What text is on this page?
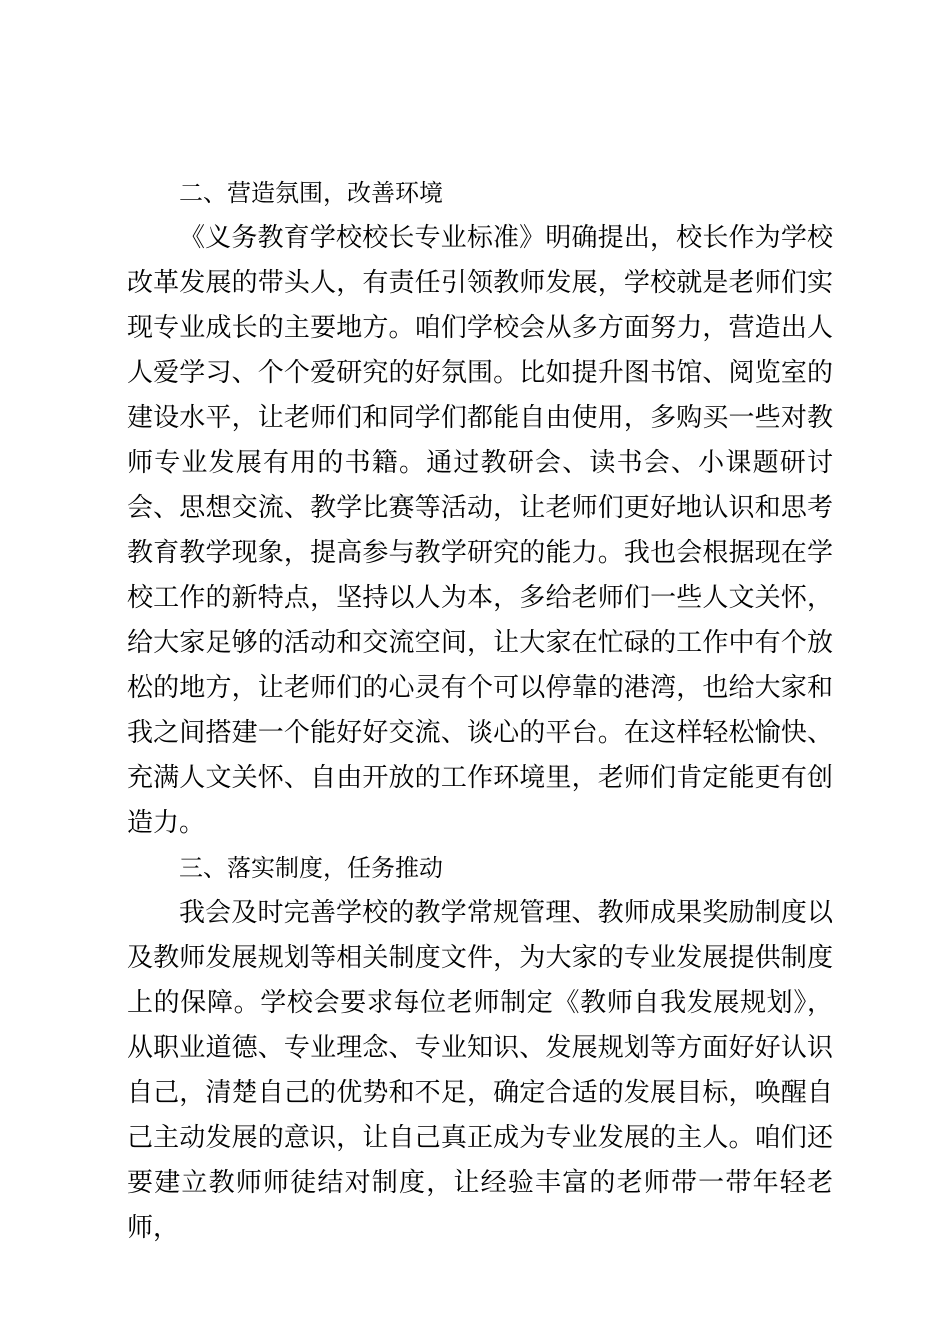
二、营造氛围，改善环境

《义务教育学校校长专业标准》明确提出，校长作为学校改革发展的带头人，有责任引领教师发展，学校就是老师们实现专业成长的主要地方。咱们学校会从多方面努力，营造出人人爱学习、个个爱研究的好氛围。比如提升图书馆、阅览室的建设水平，让老师们和同学们都能自由使用，多购买一些对教师专业发展有用的书籍。通过教研会、读书会、小课题研讨会、思想交流、教学比赛等活动，让老师们更好地认识和思考教育教学现象，提高参与教学研究的能力。我也会根据现在学校工作的新特点，坚持以人为本，多给老师们一些人文关怀，给大家足够的活动和交流空间，让大家在忙碌的工作中有个放松的地方，让老师们的心灵有个可以停靠的港湾，也给大家和我之间搭建一个能好好交流、谈心的平台。在这样轻松愉快、充满人文关怀、自由开放的工作环境里，老师们肯定能更有创造力。

三、落实制度，任务推动

我会及时完善学校的教学常规管理、教师成果奖励制度以及教师发展规划等相关制度文件，为大家的专业发展提供制度上的保障。学校会要求每位老师制定《教师自我发展规划》，从职业道德、专业理念、专业知识、发展规划等方面好好认识自己，清楚自己的优势和不足，确定合适的发展目标，唤醒自己主动发展的意识，让自己真正成为专业发展的主人。咱们还要建立教师师徒结对制度，让经验丰富的老师带一带年轻老师，
